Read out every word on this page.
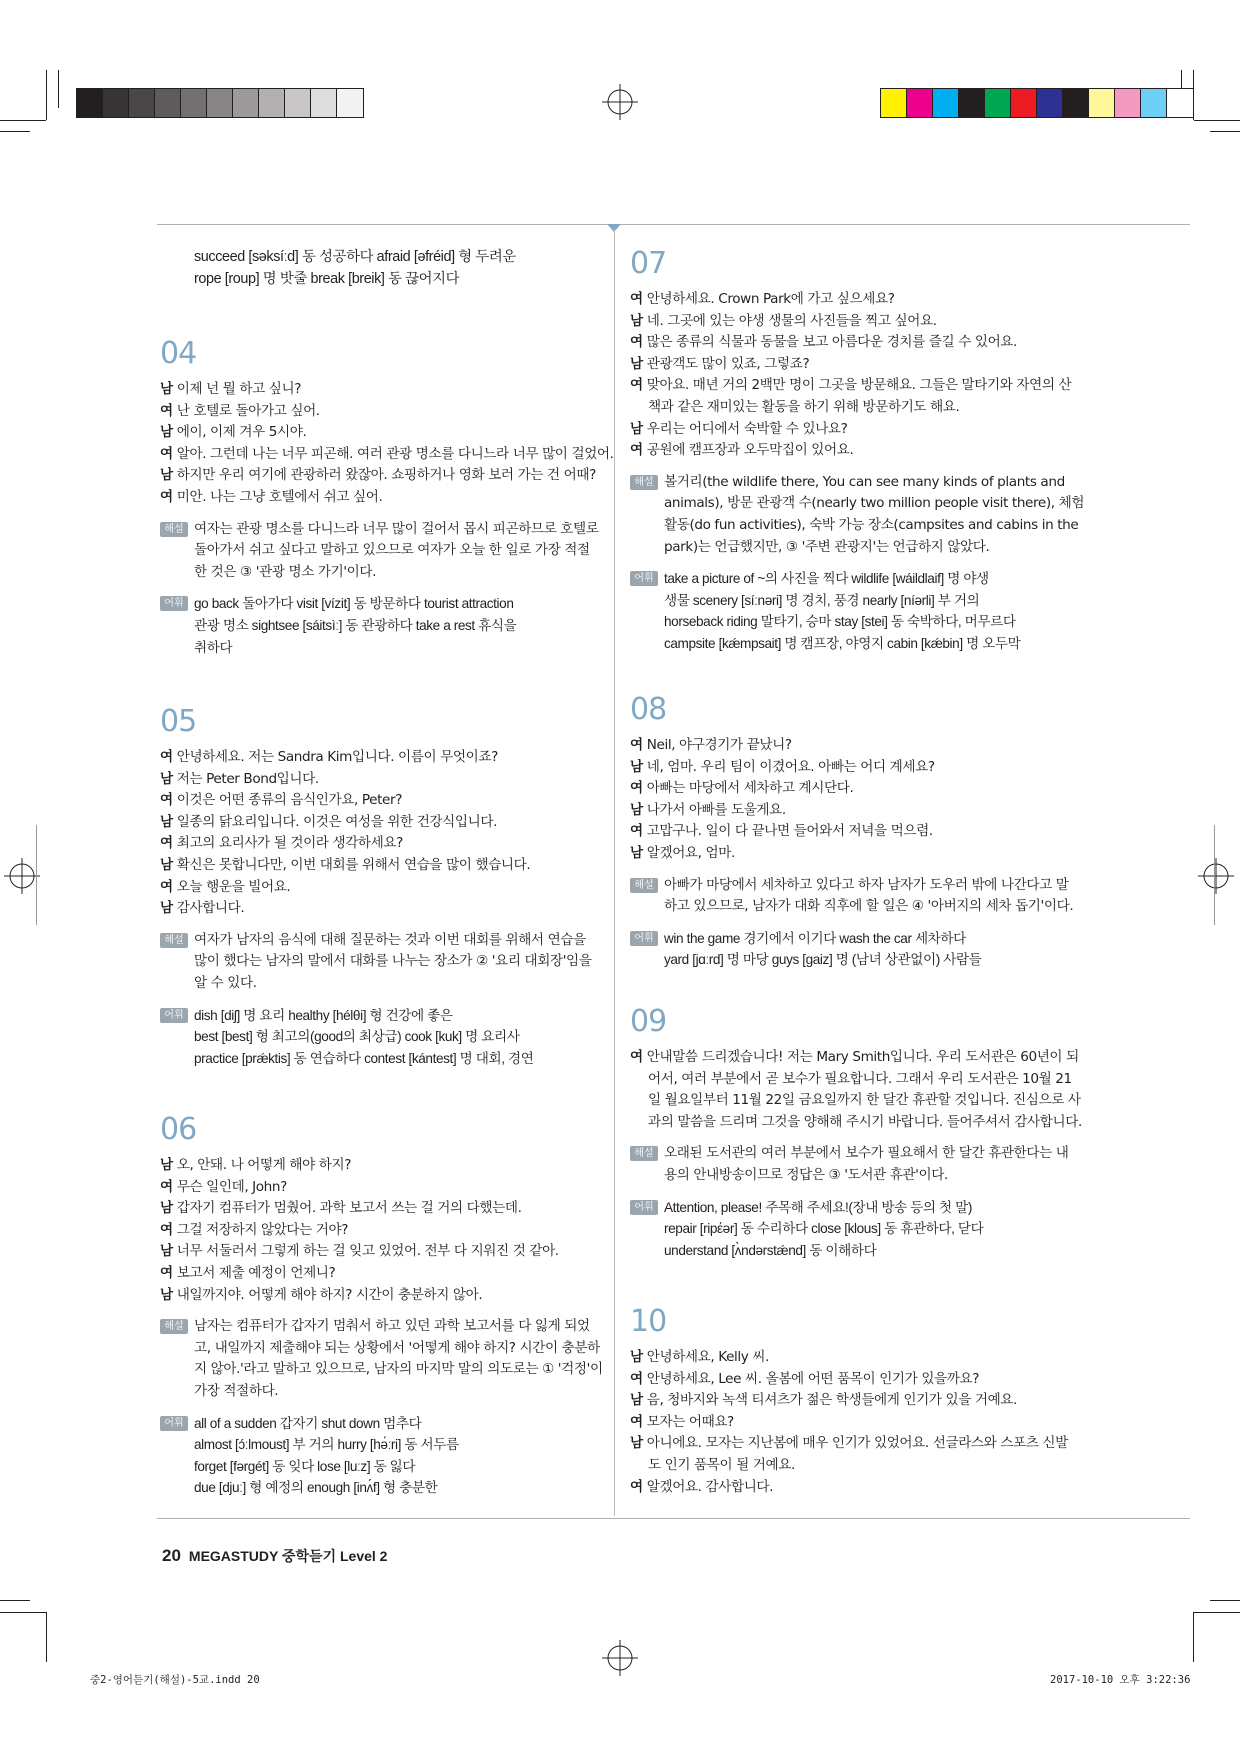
succeed [səksíːd] 동 성공하다 afraid [əfréid] 형 두려운

rope [roup] 명 밧줄 break [breik] 동 끊어지다

04

남 이제 넌 뭘 하고 싶니?

여 난 호텔로 돌아가고 싶어.

남 에이, 이제 겨우 5시야.

여 알아. 그런데 나는 너무 피곤해. 여러 관광 명소를 다니느라 너무 많이 걸었어.

남 하지만 우리 여기에 관광하러 왔잖아. 쇼핑하거나 영화 보러 가는 건 어때?

여 미안. 나는 그냥 호텔에서 쉬고 싶어.

해설 여자는 관광 명소를 다니느라 너무 많이 걸어서 몹시 피곤하므로 호텔로

돌아가서 쉬고 싶다고 말하고 있으므로 여자가 오늘 한 일로 가장 적절

한 것은 ③ '관광 명소 가기'이다.

어휘 go back 돌아가다 visit [vízit] 동 방문하다 tourist attraction

관광 명소 sightsee [sáitsìː] 동 관광하다 take a rest 휴식을

취하다

05

여 안녕하세요. 저는 Sandra Kim입니다. 이름이 무엇이죠?

남 저는 Peter Bond입니다.

여 이것은 어떤 종류의 음식인가요, Peter?

남 일종의 닭요리입니다. 이것은 여성을 위한 건강식입니다.

여 최고의 요리사가 될 것이라 생각하세요?

남 확신은 못합니다만, 이번 대회를 위해서 연습을 많이 했습니다.

여 오늘 행운을 빌어요.

남 감사합니다.

해설 여자가 남자의 음식에 대해 질문하는 것과 이번 대회를 위해서 연습을

많이 했다는 남자의 말에서 대화를 나누는 장소가 ② '요리 대회장'임을

알 수 있다.

어휘 dish [diʃ] 명 요리 healthy [hélθi] 형 건강에 좋은

best [best] 형 최고의(good의 최상급) cook [kuk] 명 요리사

practice [prǽktis] 동 연습하다 contest [kántest] 명 대회, 경연

06

남 오, 안돼. 나 어떻게 해야 하지?

여 무슨 일인데, John?

남 갑자기 컴퓨터가 멈췄어. 과학 보고서 쓰는 걸 거의 다했는데.

여 그걸 저장하지 않았다는 거야?

남 너무 서둘러서 그렇게 하는 걸 잊고 있었어. 전부 다 지워진 것 같아.

여 보고서 제출 예정이 언제니?

남 내일까지야. 어떻게 해야 하지? 시간이 충분하지 않아.

해설 남자는 컴퓨터가 갑자기 멈춰서 하고 있던 과학 보고서를 다 잃게 되었

고, 내일까지 제출해야 되는 상황에서 '어떻게 해야 하지? 시간이 충분하

지 않아.'라고 말하고 있으므로, 남자의 마지막 말의 의도로는 ① '걱정'이

가장 적절하다.

어휘 all of a sudden 갑자기 shut down 멈추다

almost [ɔ́ːlmoust] 부 거의 hurry [hə́ːri] 동 서두름

forget [fərgét] 동 잊다 lose [luːz] 동 잃다

due [djuː] 형 예정의 enough [inʌ́f] 형 충분한

07

여 안녕하세요. Crown Park에 가고 싶으세요?

남 네. 그곳에 있는 야생 생물의 사진들을 찍고 싶어요.

여 많은 종류의 식물과 동물을 보고 아름다운 경치를 즐길 수 있어요.

남 관광객도 많이 있죠, 그렇죠?

여 맞아요. 매년 거의 2백만 명이 그곳을 방문해요. 그들은 말타기와 자연의 산

책과 같은 재미있는 활동을 하기 위해 방문하기도 해요.

남 우리는 어디에서 숙박할 수 있나요?

여 공원에 캠프장과 오두막집이 있어요.

해설 볼거리(the wildlife there, You can see many kinds of plants and

animals), 방문 관광객 수(nearly two million people visit there), 체험

활동(do fun activities), 숙박 가능 장소(campsites and cabins in the

park)는 언급했지만, ③ '주변 관광지'는 언급하지 않았다.

어휘 take a picture of ~의 사진을 찍다 wildlife [wáildlaif] 명 야생

생물 scenery [síːnəri] 명 경치, 풍경 nearly [níərli] 부 거의

horseback riding 말타기, 승마 stay [stei] 동 숙박하다, 머무르다

campsite [kǽmpsait] 명 캠프장, 야영지 cabin [kǽbin] 명 오두막

08

여 Neil, 야구경기가 끝났니?

남 네, 엄마. 우리 팀이 이겼어요. 아빠는 어디 계세요?

여 아빠는 마당에서 세차하고 계시단다.

남 나가서 아빠를 도울게요.

여 고맙구나. 일이 다 끝나면 들어와서 저녁을 먹으렴.

남 알겠어요, 엄마.

해설 아빠가 마당에서 세차하고 있다고 하자 남자가 도우러 밖에 나간다고 말

하고 있으므로, 남자가 대화 직후에 할 일은 ④ '아버지의 세차 돕기'이다.

어휘 win the game 경기에서 이기다 wash the car 세차하다

yard [jɑːrd] 명 마당 guys [gaiz] 명 (남녀 상관없이) 사람들

09

여 안내말씀 드리겠습니다! 저는 Mary Smith입니다. 우리 도서관은 60년이 되

어서, 여러 부분에서 곧 보수가 필요합니다. 그래서 우리 도서관은 10월 21

일 월요일부터 11월 22일 금요일까지 한 달간 휴관할 것입니다. 진심으로 사

과의 말씀을 드리며 그것을 양해해 주시기 바랍니다. 들어주셔서 감사합니다.

해설 오래된 도서관의 여러 부분에서 보수가 필요해서 한 달간 휴관한다는 내

용의 안내방송이므로 정답은 ③ '도서관 휴관'이다.

어휘 Attention, please! 주목해 주세요!(장내 방송 등의 첫 말)

repair [ripέər] 동 수리하다 close [klous] 동 휴관하다, 닫다

understand [ʌ̀ndərstǽnd] 동 이해하다

10

남 안녕하세요, Kelly 씨.

여 안녕하세요, Lee 씨. 올봄에 어떤 품목이 인기가 있을까요?

남 음, 청바지와 녹색 티셔츠가 젊은 학생들에게 인기가 있을 거예요.

여 모자는 어때요?

남 아니에요. 모자는 지난봄에 매우 인기가 있었어요. 선글라스와 스포츠 신발

도 인기 품목이 될 거예요.

여 알겠어요. 감사합니다.

20 MEGASTUDY 중학듣기 Level 2
중2-영어듣기(해설)-5교.indd 20	2017-10-10 오후 3:22:36
